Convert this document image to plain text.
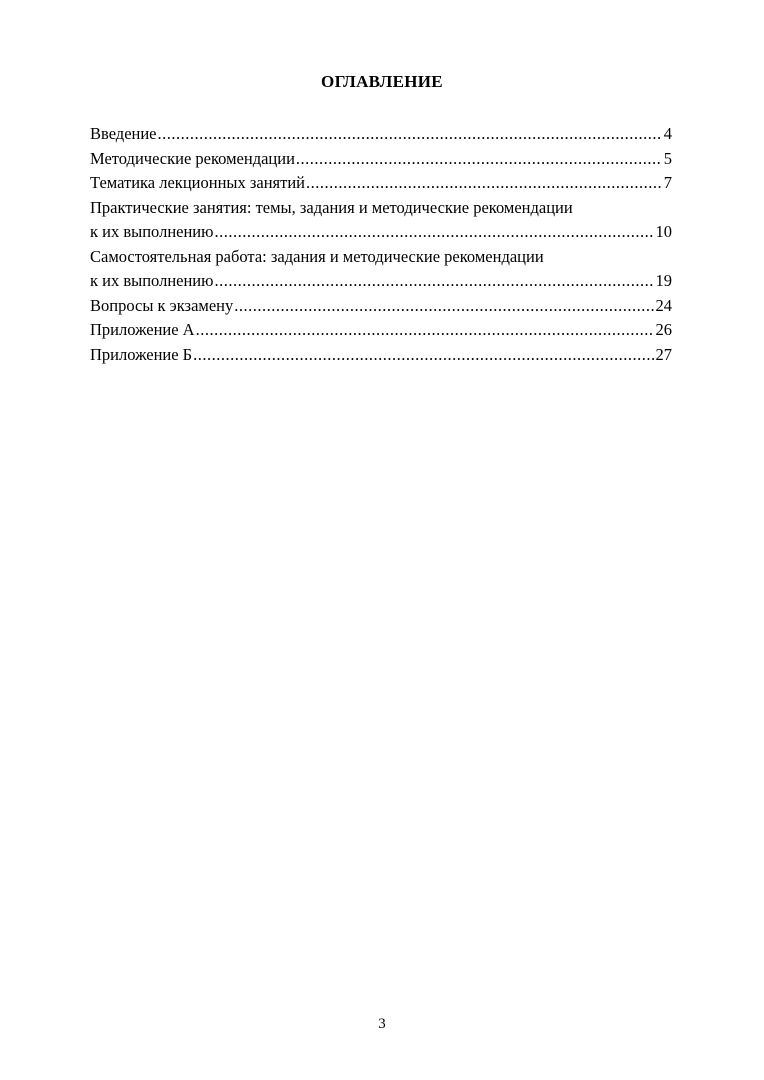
ОГЛАВЛЕНИЕ
Введение .....	4
Методические рекомендации .....	5
Тематика лекционных занятий .....	7
Практические занятия: темы, задания и методические рекомендации
к их выполнению .....	10
Самостоятельная работа: задания и методические рекомендации
к их выполнению .....	19
Вопросы к экзамену .....	24
Приложение А .....	26
Приложение Б .....	27
3
